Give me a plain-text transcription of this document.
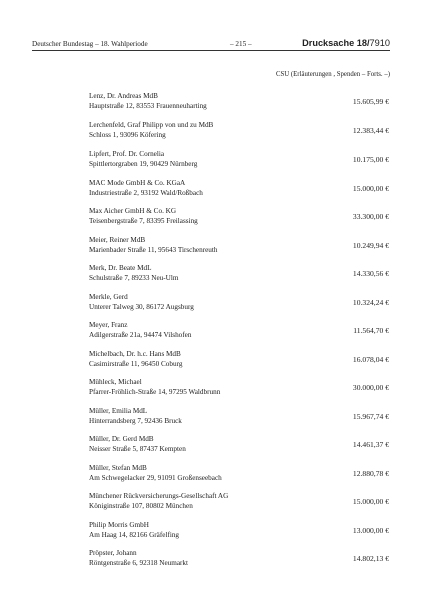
Deutscher Bundestag – 18. Wahlperiode	– 215 –	Drucksache 18/7910
CSU (Erläuterungen , Spenden – Forts. –)
Lenz, Dr. Andreas MdB
Hauptstraße 12, 83553 Frauenneuharting	15.605,99 €
Lerchenfeld, Graf Philipp von und zu MdB
Schloss 1, 93096 Köfering	12.383,44 €
Lipfert, Prof. Dr. Cornelia
Spittlertorgraben 19, 90429 Nürnberg	10.175,00 €
MAC Mode GmbH & Co. KGaA
Industriestraße 2, 93192 Wald/Roßbach	15.000,00 €
Max Aicher GmbH & Co. KG
Teisenbergstraße 7, 83395 Freilassing	33.300,00 €
Meier, Reiner MdB
Marienbader Straße 11, 95643 Tirschenreuth	10.249,94 €
Merk, Dr. Beate MdL
Schulstraße 7, 89233 Neu-Ulm	14.330,56 €
Merkle, Gerd
Unterer Talweg 30, 86172 Augsburg	10.324,24 €
Meyer, Franz
Adilgerstraße 21a, 94474 Vilshofen	11.564,70 €
Michelbach, Dr. h.c. Hans MdB
Casimirstraße 11, 96450 Coburg	16.078,04 €
Mühleck, Michael
Pfarrer-Fröhlich-Straße 14, 97295 Waldbrunn	30.000,00 €
Müller, Emilia MdL
Hinterrandsberg 7, 92436 Bruck	15.967,74 €
Müller, Dr. Gerd MdB
Neisser Straße 5, 87437 Kempten	14.461,37 €
Müller, Stefan MdB
Am Schwegelacker 29, 91091 Großenseebach	12.880,78 €
Münchener Rückversicherungs-Gesellschaft AG
Königinstraße 107, 80802 München	15.000,00 €
Philip Morris GmbH
Am Haag 14, 82166 Gräfelfing	13.000,00 €
Pröpster, Johann
Röntgenstraße 6, 92318 Neumarkt	14.802,13 €
